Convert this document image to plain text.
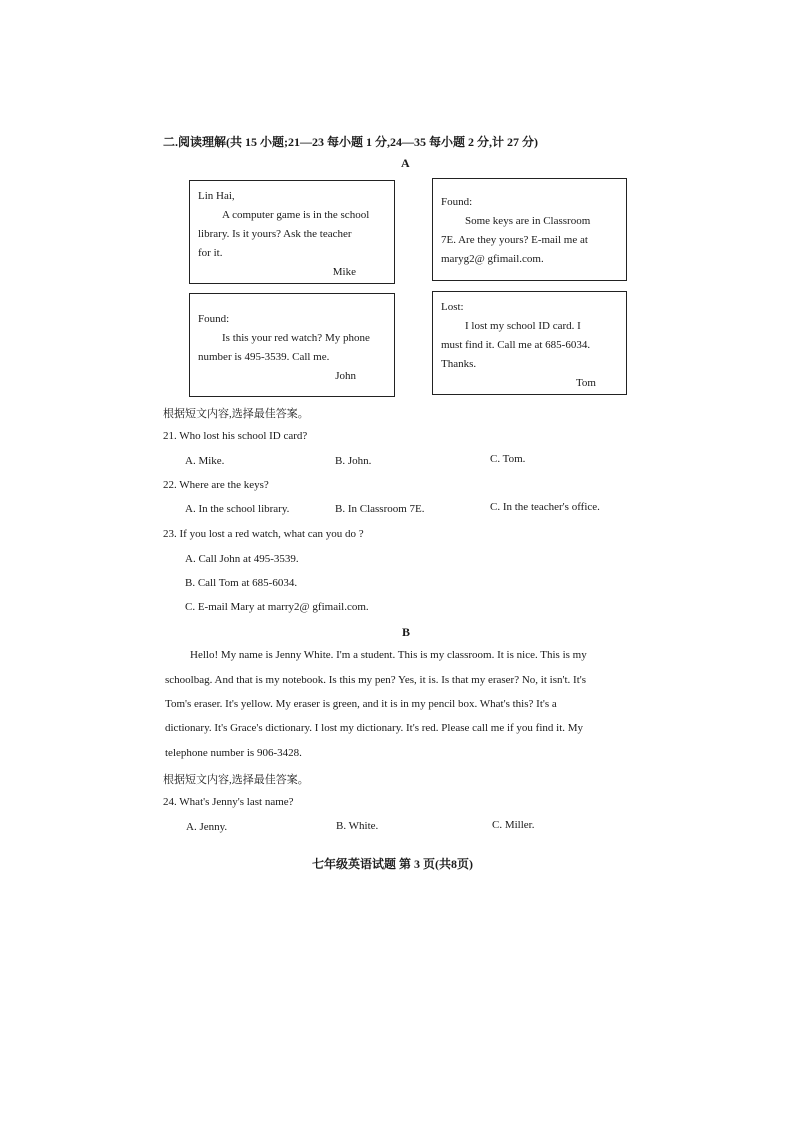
二.阅读理解(共 15 小题;21—23 每小题 1 分,24—35 每小题 2 分,计 27 分)
A
Lin Hai,
A computer game is in the school
library. Is it yours? Ask the teacher
for it.
Mike
Found:
Some keys are in Classroom
7E. Are they yours? E-mail me at
maryg2@ gfimail.com.
Found:
Is this your red watch? My phone
number is 495-3539. Call me.
John
Lost:
I lost my school ID card. I
must find it. Call me at 685-6034.
Thanks.
Tom
根据短文内容,选择最佳答案。
21. Who lost his school ID card?
A. Mike.	B. John.	C. Tom.
22. Where are the keys?
A. In the school library.	B. In Classroom 7E.	C. In the teacher's office.
23. If you lost a red watch, what can you do ?
A. Call John at 495-3539.
B. Call Tom at 685-6034.
C. E-mail Mary at marry2@ gfimail.com.
B
Hello! My name is Jenny White. I'm a student. This is my classroom. It is nice. This is my
schoolbag. And that is my notebook. Is this my pen? Yes, it is. Is that my eraser? No, it isn't. It's
Tom's eraser. It's yellow. My eraser is green, and it is in my pencil box. What's this? It's a
dictionary. It's Grace's dictionary. I lost my dictionary. It's red. Please call me if you find it. My
telephone number is 906-3428.
根据短文内容,选择最佳答案。
24. What's Jenny's last name?
A. Jenny.	B. White.	C. Miller.
七年级英语试题 第 3 页(共8页)
